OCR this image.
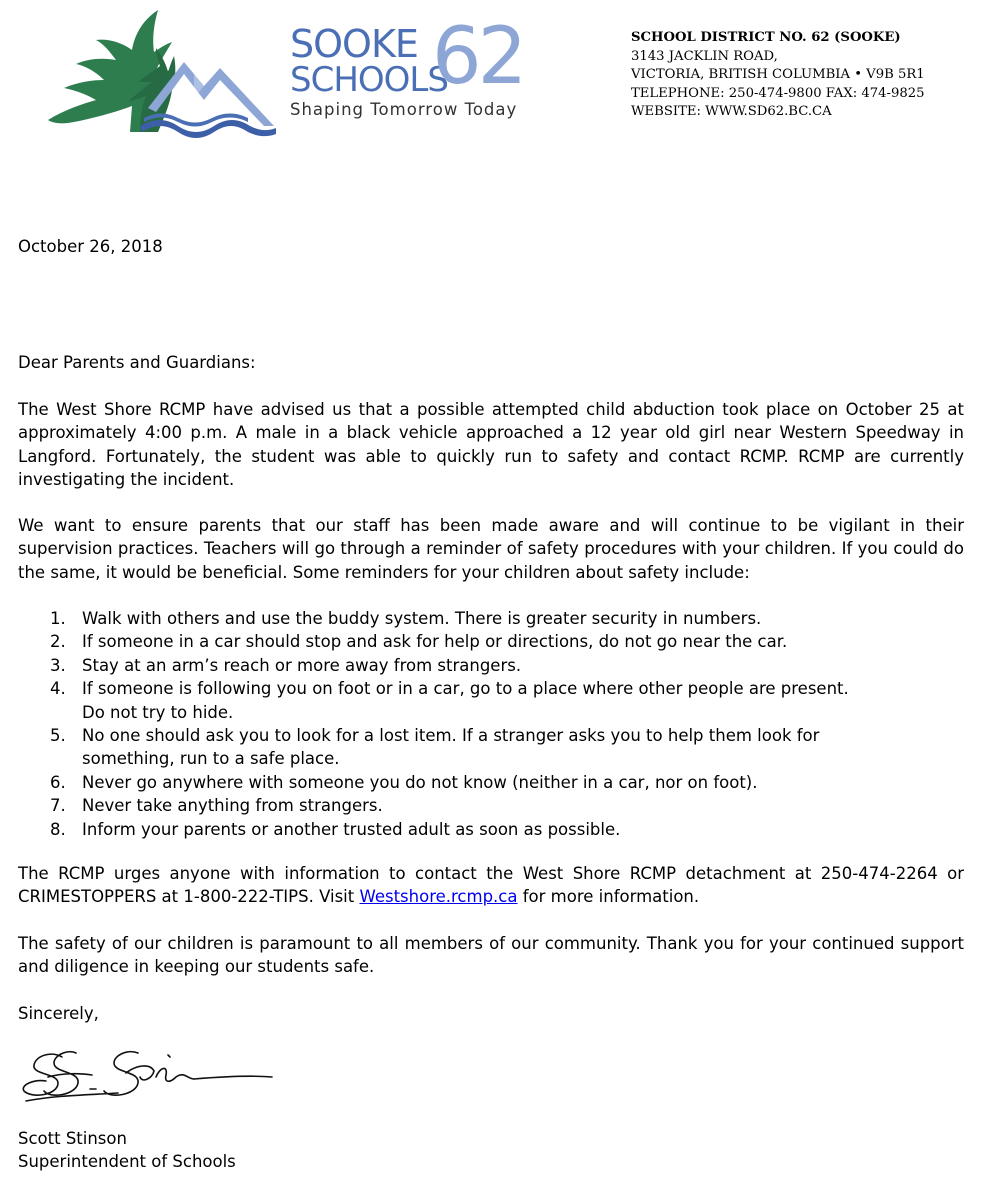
SOOKE
SCHOOLS
62
Shaping Tomorrow Today
SCHOOL DISTRICT NO. 62 (SOOKE)
3143 JACKLIN ROAD,
VICTORIA, BRITISH COLUMBIA • V9B 5R1
TELEPHONE: 250-474-9800 FAX: 474-9825
WEBSITE: WWW.SD62.BC.CA
October 26, 2018
Dear Parents and Guardians:
The West Shore RCMP have advised us that a possible attempted child abduction took place on October 25 at approximately 4:00 p.m. A male in a black vehicle approached a 12 year old girl near Western Speedway in Langford. Fortunately, the student was able to quickly run to safety and contact RCMP. RCMP are currently investigating the incident.
We want to ensure parents that our staff has been made aware and will continue to be vigilant in their supervision practices. Teachers will go through a reminder of safety procedures with your children. If you could do the same, it would be beneficial. Some reminders for your children about safety include:
1. Walk with others and use the buddy system. There is greater security in numbers.
2. If someone in a car should stop and ask for help or directions, do not go near the car.
3. Stay at an arm’s reach or more away from strangers.
4. If someone is following you on foot or in a car, go to a place where other people are present.
Do not try to hide.
5. No one should ask you to look for a lost item. If a stranger asks you to help them look for
something, run to a safe place.
6. Never go anywhere with someone you do not know (neither in a car, nor on foot).
7. Never take anything from strangers.
8. Inform your parents or another trusted adult as soon as possible.
The RCMP urges anyone with information to contact the West Shore RCMP detachment at 250-474-2264 or CRIMESTOPPERS at 1-800-222-TIPS. Visit Westshore.rcmp.ca for more information.
The safety of our children is paramount to all members of our community. Thank you for your continued support and diligence in keeping our students safe.
Sincerely,
Scott Stinson
Superintendent of Schools
